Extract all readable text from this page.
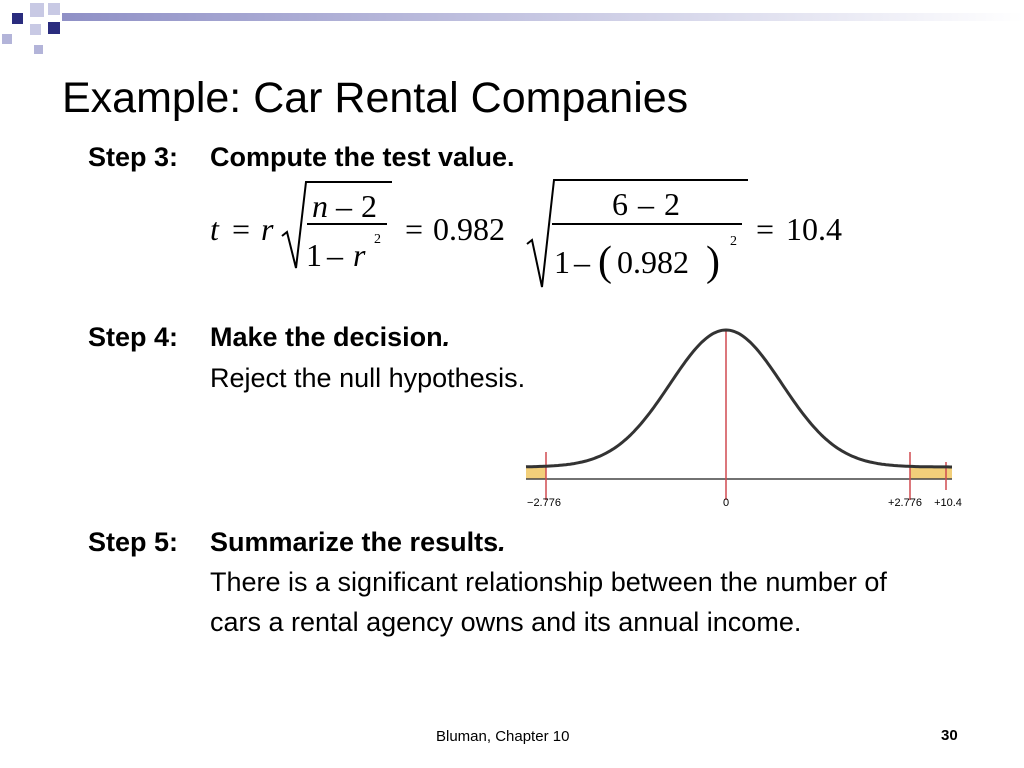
Example: Car Rental Companies
Step 3: Compute the test value.
t = r
n – 2
1 – r 2 = 0.982
6 – 2
1 – ( 0.982 ) 2 = 10.4
Step 4: Make the decision.
Reject the null hypothesis.
−2.776	0	+2.776 +10.4
Step 5: Summarize the results.
There is a significant relationship between the number of cars a rental agency owns and its annual income.
Bluman, Chapter 10	30
